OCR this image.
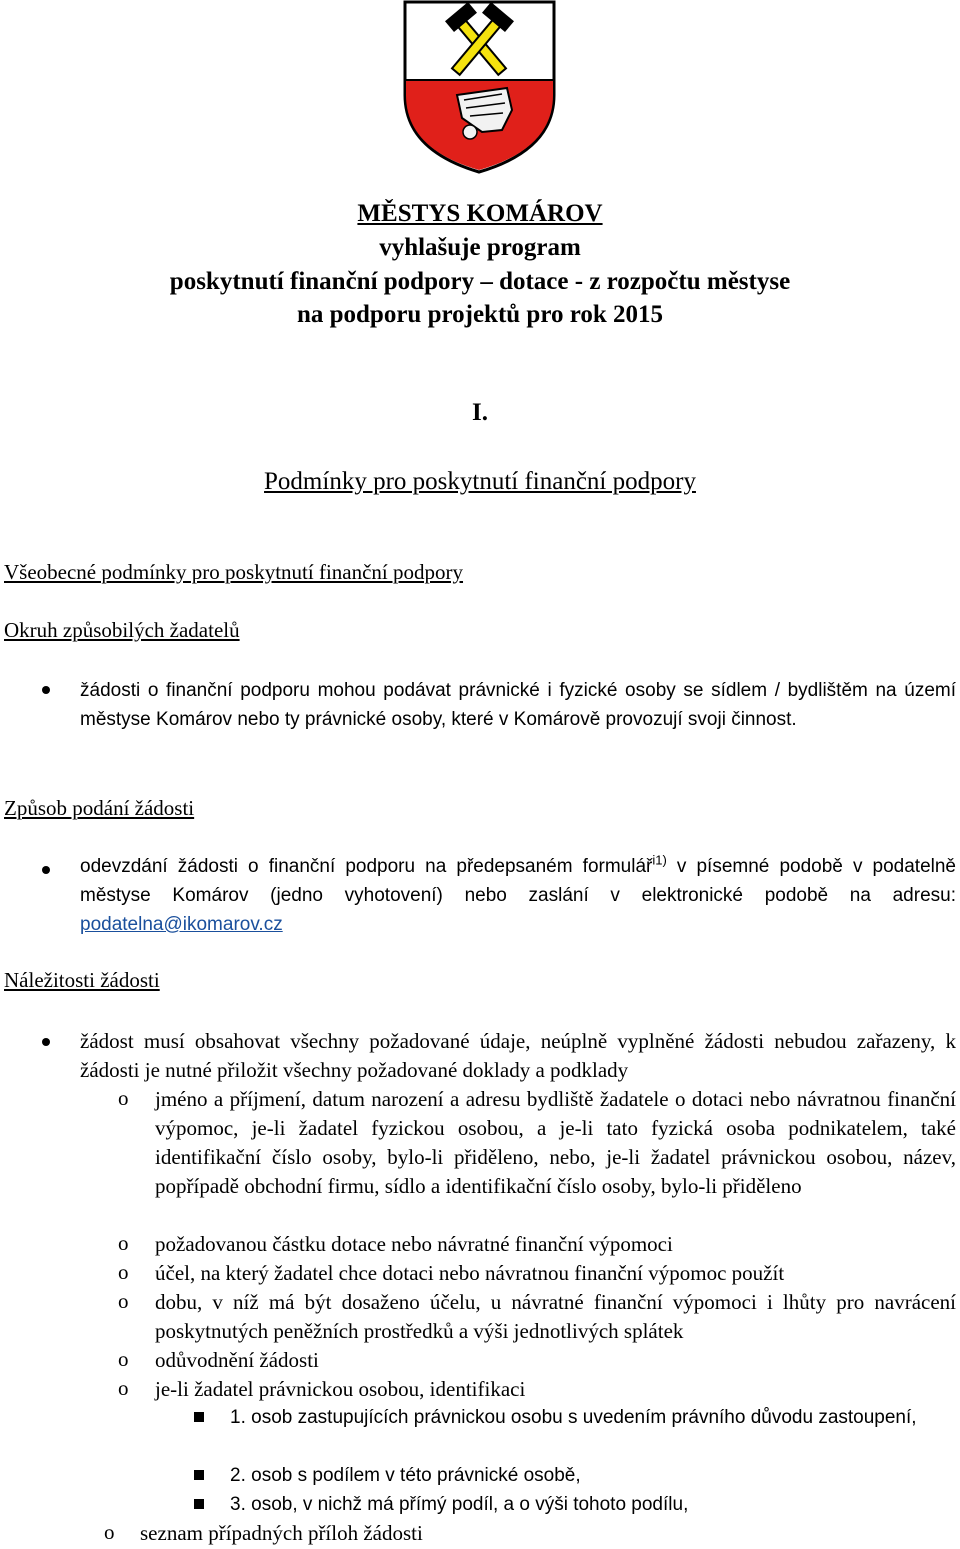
MĚSTYS KOMÁROV
vyhlašuje program
poskytnutí finanční podpory – dotace - z rozpočtu městyse
na podporu projektů pro rok 2015
I.
Podmínky pro poskytnutí finanční podpory
Všeobecné podmínky pro poskytnutí finanční podpory
Okruh způsobilých žadatelů
žádosti o finanční podporu mohou podávat právnické i fyzické osoby se sídlem / bydlištěm na území městyse Komárov nebo ty právnické osoby, které v Komárově provozují svoji činnost.
Způsob podání žádosti
odevzdání žádosti o finanční podporu na předepsaném formulář$^{i1)}$ v písemné podobě v podatelně městyse Komárov (jedno vyhotovení) nebo zaslání v elektronické podobě na adresu: podatelna@ikomarov.cz
Náležitosti žádosti
žádost musí obsahovat všechny požadované údaje, neúplně vyplněné žádosti nebudou zařazeny, k žádosti je nutné přiložit všechny požadované doklady a podklady
o jméno a příjmení, datum narození a adresu bydliště žadatele o dotaci nebo návratnou finanční výpomoc, je-li žadatel fyzickou osobou, a je-li tato fyzická osoba podnikatelem, také identifikační číslo osoby, bylo-li přiděleno, nebo, je-li žadatel právnickou osobou, název, popřípadě obchodní firmu, sídlo a identifikační číslo osoby, bylo-li přiděleno
o požadovanou částku dotace nebo návratné finanční výpomoci
o účel, na který žadatel chce dotaci nebo návratnou finanční výpomoc použít
o dobu, v níž má být dosaženo účelu, u návratné finanční výpomoci i lhůty pro navrácení poskytnutých peněžních prostředků a výši jednotlivých splátek
o odůvodnění žádosti
o je-li žadatel právnickou osobou, identifikaci
1. osob zastupujících právnickou osobu s uvedením právního důvodu zastoupení,
2. osob s podílem v této právnické osobě,
3. osob, v nichž má přímý podíl, a o výši tohoto podílu,
o seznam případných příloh žádosti
